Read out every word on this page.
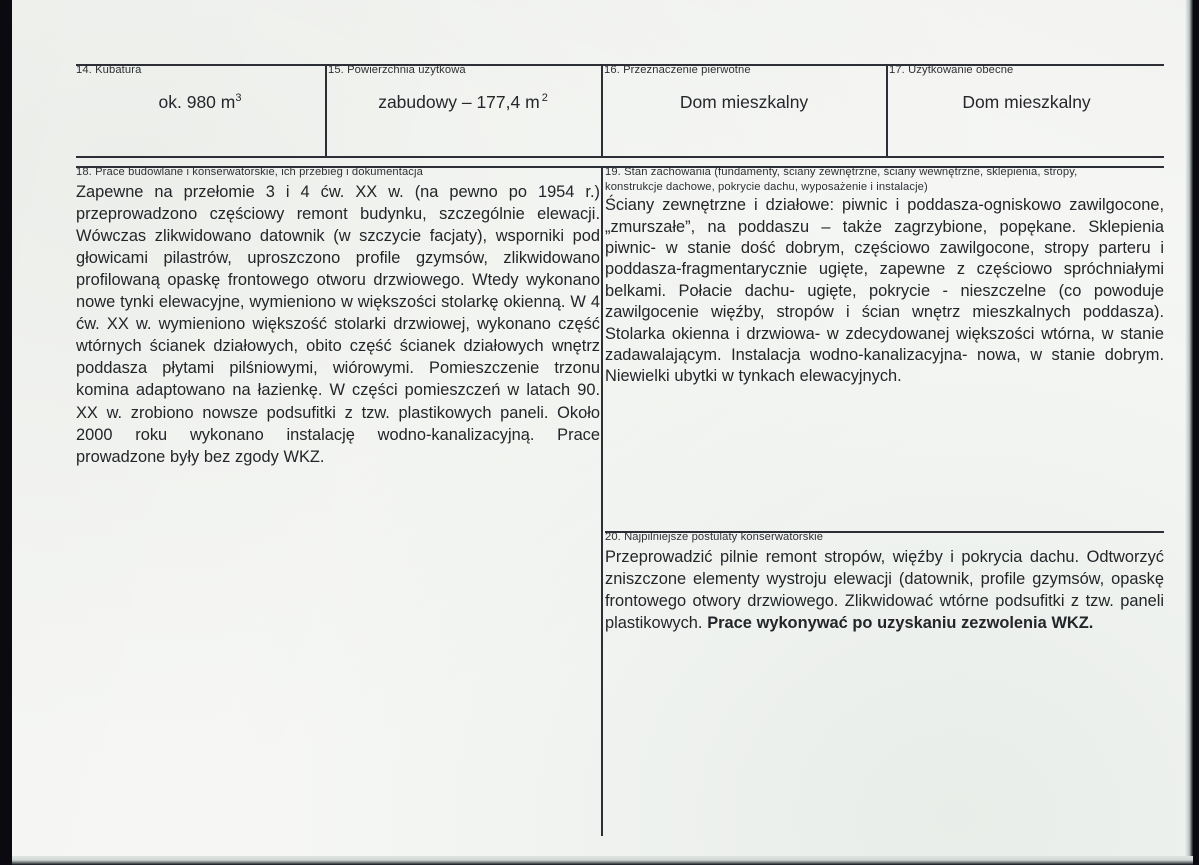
14. Kubatura
ok. 980 $m^3$
15. Powierzchnia użytkowa
zabudowy – 177,4 m $^2$
16. Przeznaczenie pierwotne
Dom mieszkalny
17. Użytkowanie obecne
Dom mieszkalny
18. Prace budowlane i konserwatorskie, ich przebieg i dokumentacja

Zapewne na przełomie 3 i 4 ćw. XX w. (na pewno po 1954 r.) przeprowadzono częściowy remont budynku, szczególnie elewacji. Wówczas zlikwidowano datownik (w szczycie facjaty), wsporniki pod głowicami pilastrów, uproszczono profile gzymsów, zlikwidowano profilowaną opaskę frontowego otworu drzwiowego. Wtedy wykonano nowe tynki elewacyjne, wymieniono w większości stolarkę okienną. W 4 ćw. XX w. wymieniono większość stolarki drzwiowej, wykonano część wtórnych ścianek działowych, obito część ścianek działowych wnętrz poddasza płytami pilśniowymi, wiórowymi. Pomieszczenie trzonu komina adaptowano na łazienkę. W części pomieszczeń w latach 90. XX w. zrobiono nowsze podsufitki z tzw. plastikowych paneli. Około 2000 roku wykonano instalację wodno-kanalizacyjną. Prace prowadzone były bez zgody WKZ.

19. Stan zachowania (fundamenty, ściany zewnętrzne, ściany wewnętrzne, sklepienia, stropy,
konstrukcje dachowe, pokrycie dachu, wyposażenie i instalacje)

Ściany zewnętrzne i działowe: piwnic i poddasza-ogniskowo zawilgocone, „zmurszałe”, na poddaszu – także zagrzybione, popękane. Sklepienia piwnic- w stanie dość dobrym, częściowo zawilgocone, stropy parteru i poddasza-fragmentarycznie ugięte, zapewne z częściowo spróchniałymi belkami. Połacie dachu- ugięte, pokrycie - nieszczelne (co powoduje zawilgocenie więźby, stropów i ścian wnętrz mieszkalnych poddasza). Stolarka okienna i drzwiowa- w zdecydowanej większości wtórna, w stanie zadawalającym. Instalacja wodno-kanalizacyjna- nowa, w stanie dobrym. Niewielki ubytki w tynkach elewacyjnych.

20. Najpilniejsze postulaty konserwatorskie

Przeprowadzić pilnie remont stropów, więźby i pokrycia dachu. Odtworzyć zniszczone elementy wystroju elewacji (datownik, profile gzymsów, opaskę frontowego otwory drzwiowego. Zlikwidować wtórne podsufitki z tzw. paneli plastikowych. Prace wykonywać po uzyskaniu zezwolenia WKZ.
